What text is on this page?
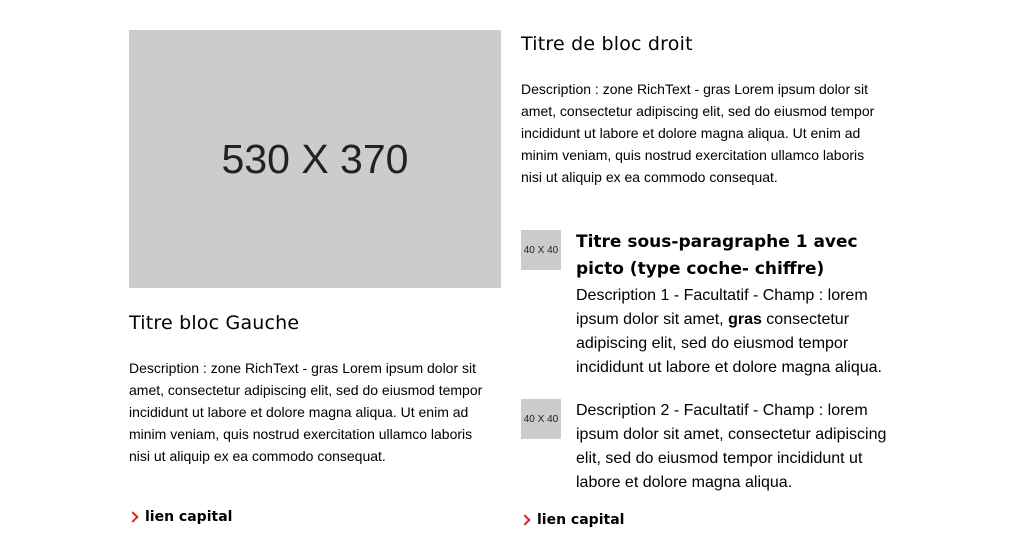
530 X 370
Titre bloc Gauche
Description : zone RichText - gras Lorem ipsum dolor sit amet, consectetur adipiscing elit, sed do eiusmod tempor incididunt ut labore et dolore magna aliqua. Ut enim ad minim veniam, quis nostrud exercitation ullamco laboris nisi ut aliquip ex ea commodo consequat.
lien capital
Titre de bloc droit
Description : zone RichText - gras Lorem ipsum dolor sit amet, consectetur adipiscing elit, sed do eiusmod tempor incididunt ut labore et dolore magna aliqua. Ut enim ad minim veniam, quis nostrud exercitation ullamco laboris nisi ut aliquip ex ea commodo consequat.
40 X 40 Titre sous-paragraphe 1 avec picto (type coche- chiffre)
Description 1 - Facultatif - Champ : lorem ipsum dolor sit amet, gras consectetur adipiscing elit, sed do eiusmod tempor incididunt ut labore et dolore magna aliqua.
40 X 40 Description 2 - Facultatif - Champ : lorem ipsum dolor sit amet, consectetur adipiscing elit, sed do eiusmod tempor incididunt ut labore et dolore magna aliqua.
lien capital
